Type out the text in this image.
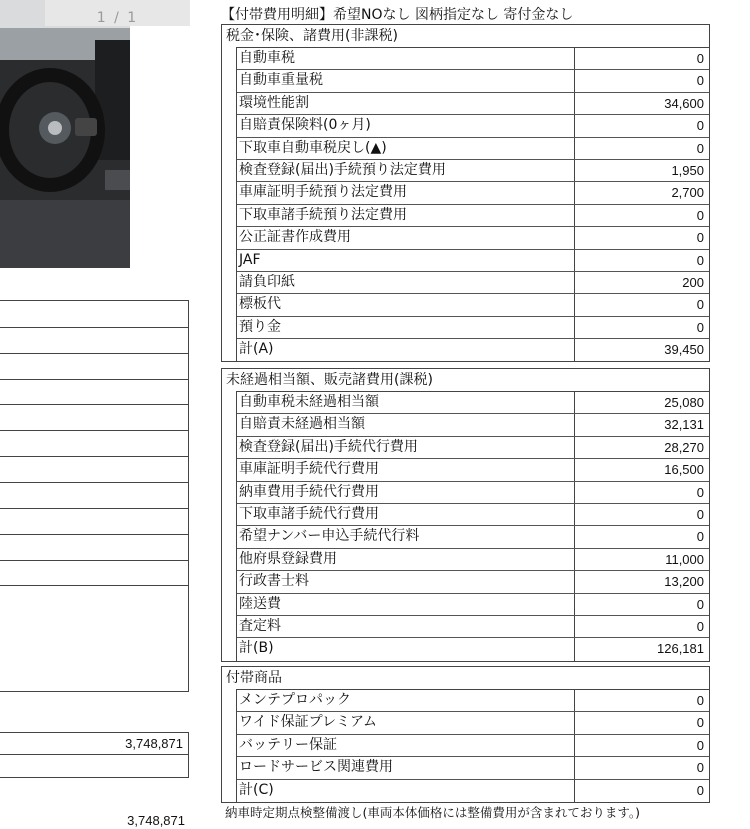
1 / 1
3,748,871
3,748,871
【付帯費用明細】希望NOなし 図柄指定なし 寄付金なし
税金･保険、諸費用(非課税)
自動車税	0
自動車重量税	0
環境性能割	34,600
自賠責保険料(0ヶ月)	0
下取車自動車税戻し(▲)	0
検査登録(届出)手続預り法定費用	1,950
車庫証明手続預り法定費用	2,700
下取車諸手続預り法定費用	0
公正証書作成費用	0
JAF	0
請負印紙	200
標板代	0
預り金	0
計(A)	39,450
未経過相当額、販売諸費用(課税)
自動車税未経過相当額	25,080
自賠責未経過相当額	32,131
検査登録(届出)手続代行費用	28,270
車庫証明手続代行費用	16,500
納車費用手続代行費用	0
下取車諸手続代行費用	0
希望ナンバー申込手続代行料	0
他府県登録費用	11,000
行政書士料	13,200
陸送費	0
査定料	0
計(B)	126,181
付帯商品
メンテプロパック	0
ワイド保証プレミアム	0
バッテリー保証	0
ロードサービス関連費用	0
計(C)	0
納車時定期点検整備渡し(車両本体価格には整備費用が含まれております。)
